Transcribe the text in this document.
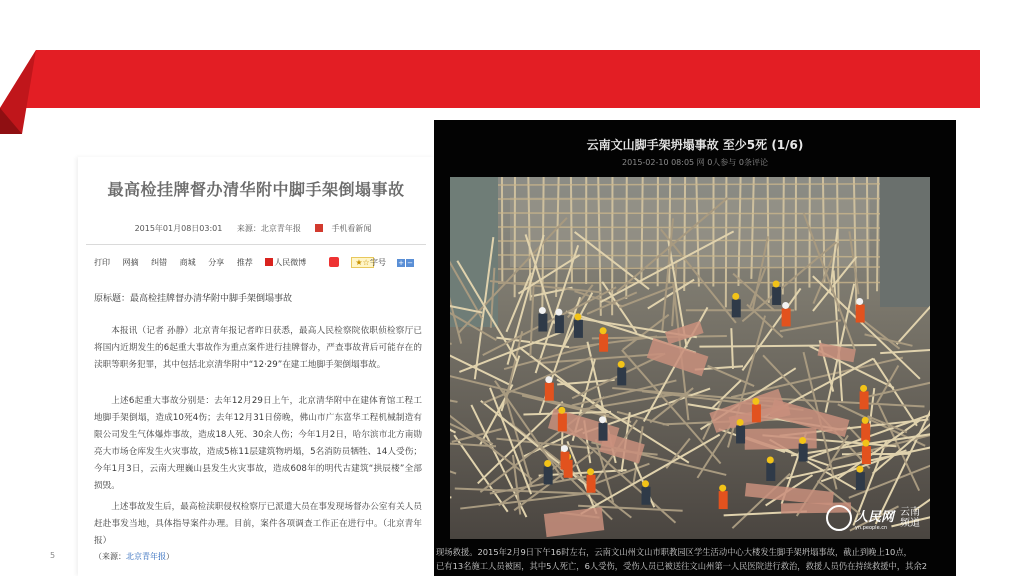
最高检挂牌督办清华附中脚手架倒塌事故
2015年01月08日03:01 来源：北京青年报	手机看新闻
打印 网摘 纠错 商城 分享 推荐	人民微博	★☆ 字号 + −
原标题：最高检挂牌督办清华附中脚手架倒塌事故
本报讯（记者 孙静）北京青年报记者昨日获悉，最高人民检察院依职侦检察厅已将国内近期发生的6起重大事故作为重点案件进行挂牌督办，严查事故背后可能存在的渎职等职务犯罪，其中包括北京清华附中“12·29”在建工地脚手架倒塌事故。
上述6起重大事故分别是：去年12月29日上午，北京清华附中在建体育馆工程工地脚手架倒塌，造成10死4伤；去年12月31日傍晚，佛山市广东富华工程机械制造有限公司发生气体爆炸事故，造成18人死、30余人伤；今年1月2日，哈尔滨市北方南勋亮大市场仓库发生火灾事故，造成5栋11层建筑物坍塌，5名消防员牺牲、14人受伤；今年1月3日，云南大理巍山县发生火灾事故，造成608年的明代古建筑“拱辰楼”全部损毁。
上述事故发生后，最高检渎职侵权检察厅已派遣大员在事发现场督办公室有关人员赶赴事发当地，具体指导案件办理。目前，案件各项调查工作正在进行中。（北京青年报）
（来源：北京青年报）
5
云南文山脚手架坍塌事故 至少5死 (1/6)
2015-02-10 08:05 网 0人参与 0条评论
人民网
yn.people.cn
云南
频道
现场救援。2015年2月9日下午16时左右，云南文山州文山市职教园区学生活动中心大楼发生脚手架坍塌事故，截止到晚上10点，
已有13名施工人员被困，其中5人死亡，6人受伤，受伤人员已被送往文山州第一人民医院进行救治，救援人员仍在持续救援中，其余2
